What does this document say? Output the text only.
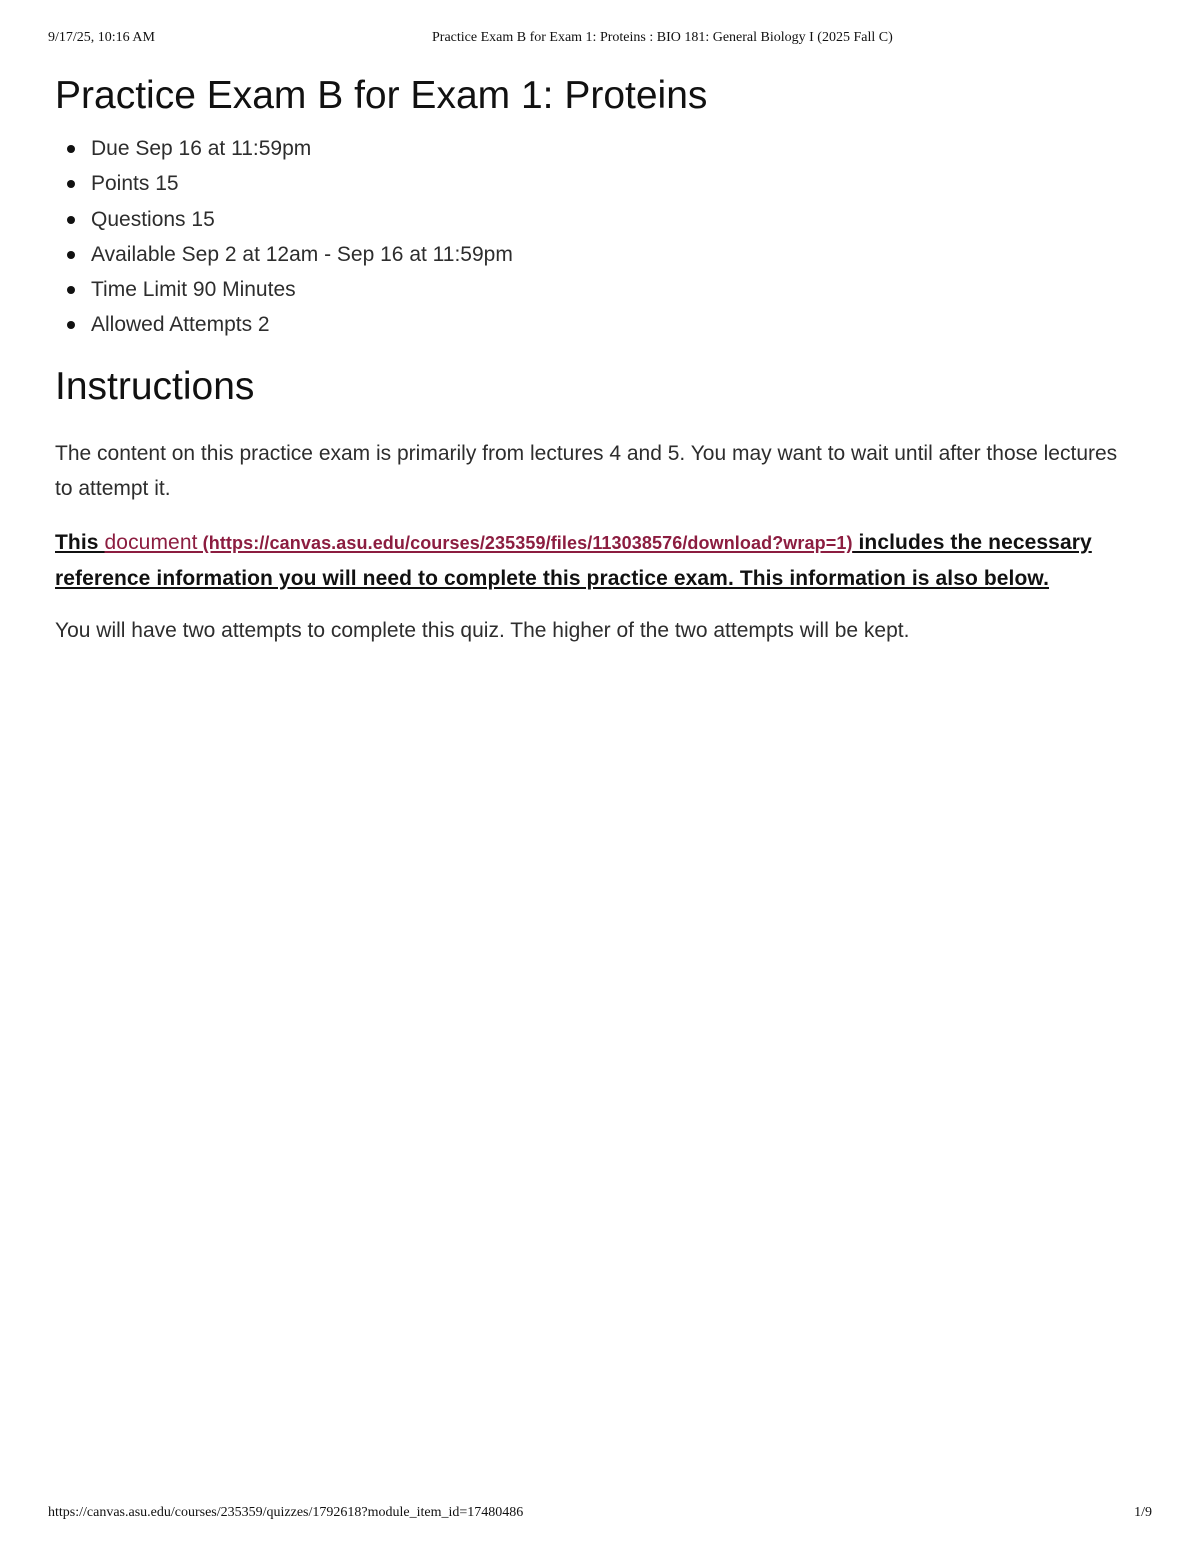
9/17/25, 10:16 AM	Practice Exam B for Exam 1: Proteins : BIO 181: General Biology I (2025 Fall C)
Practice Exam B for Exam 1: Proteins
Due Sep 16 at 11:59pm
Points 15
Questions 15
Available Sep 2 at 12am - Sep 16 at 11:59pm
Time Limit 90 Minutes
Allowed Attempts 2
Instructions

The content on this practice exam is primarily from lectures 4 and 5. You may want to wait until after those lectures to attempt it.

This document (https://canvas.asu.edu/courses/235359/files/113038576/download?wrap=1) includes the necessary reference information you will need to complete this practice exam. This information is also below.

You will have two attempts to complete this quiz. The higher of the two attempts will be kept.

https://canvas.asu.edu/courses/235359/quizzes/1792618?module_item_id=17480486	1/9
